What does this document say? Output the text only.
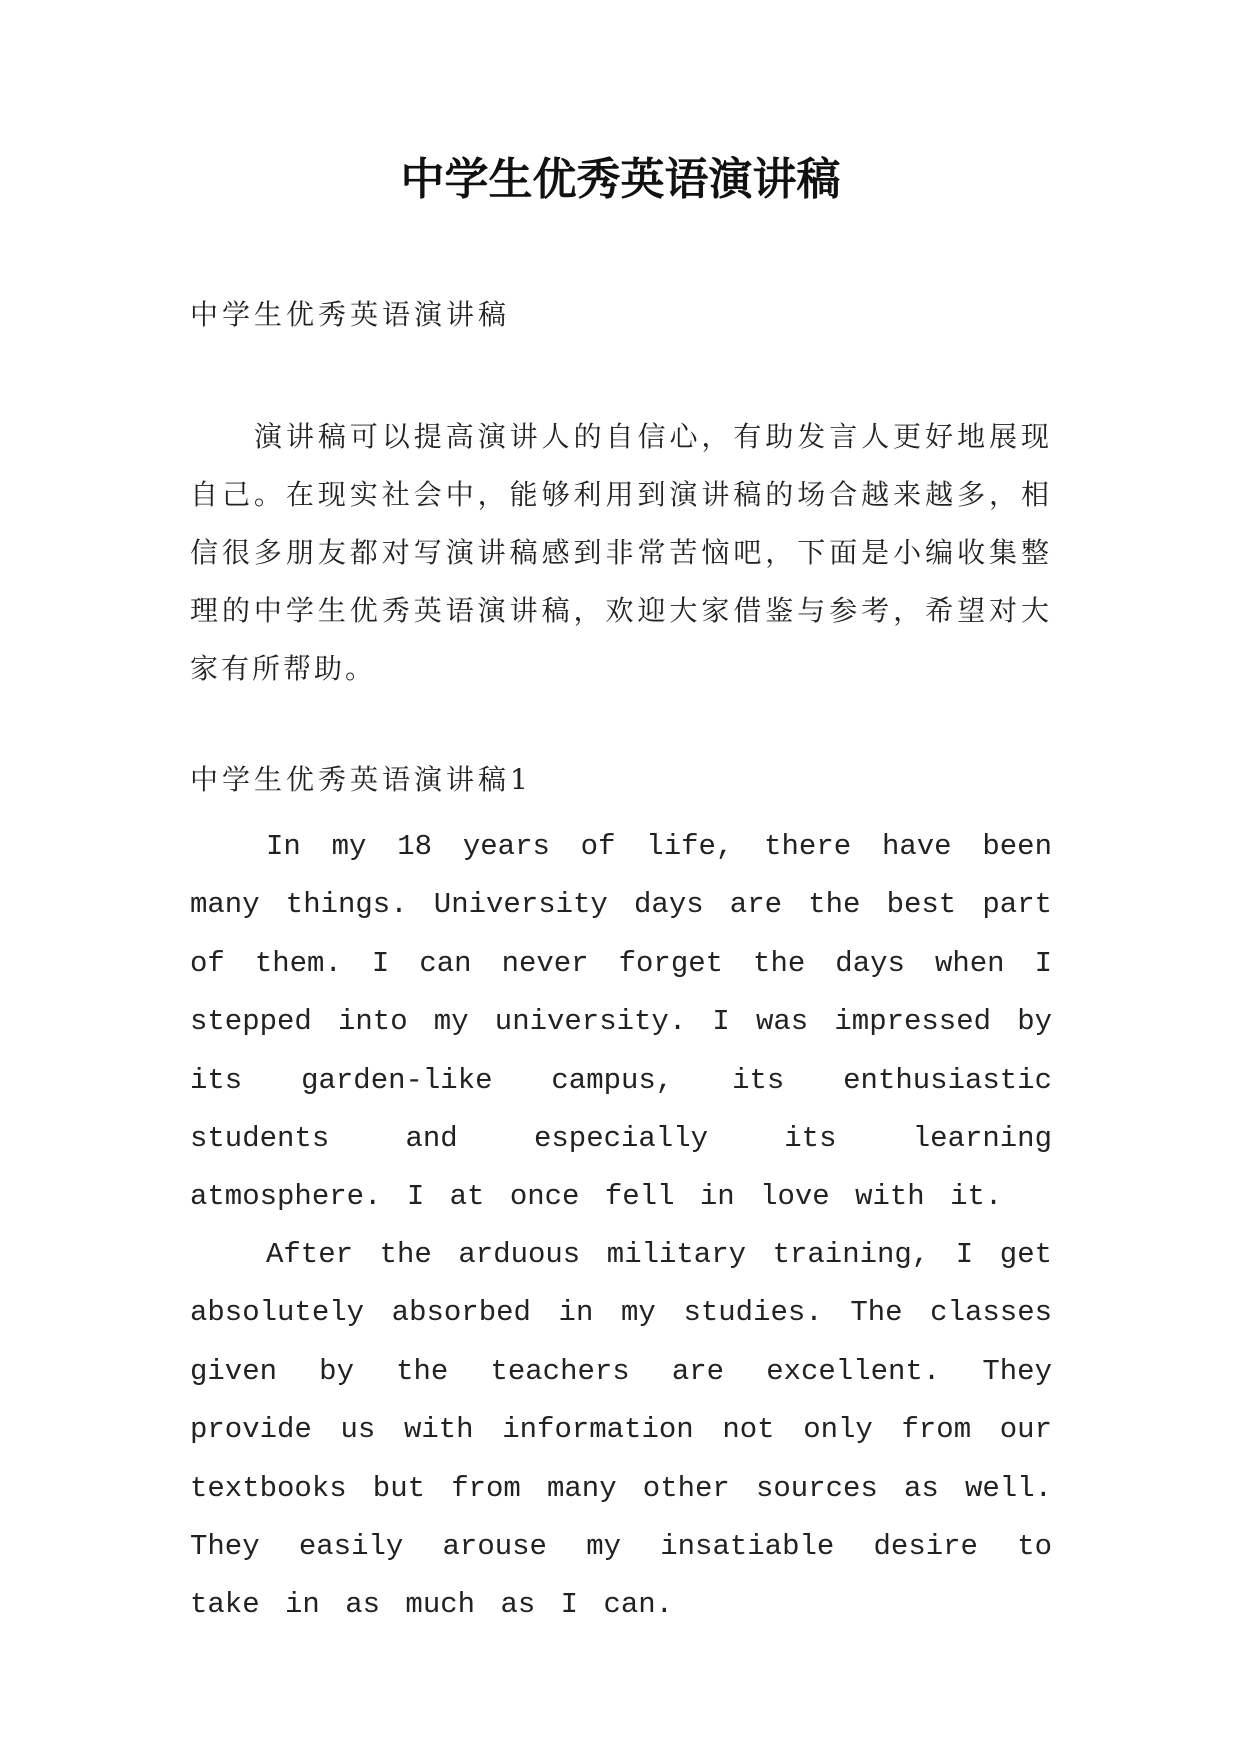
中学生优秀英语演讲稿
中学生优秀英语演讲稿
演讲稿可以提高演讲人的自信心，有助发言人更好地展现自己。在现实社会中，能够利用到演讲稿的场合越来越多，相信很多朋友都对写演讲稿感到非常苦恼吧，下面是小编收集整理的中学生优秀英语演讲稿，欢迎大家借鉴与参考，希望对大家有所帮助。
中学生优秀英语演讲稿1
In my 18 years of life, there have been many things. University days are the best part of them. I can never forget the days when I stepped into my university. I was impressed by its garden-like campus, its enthusiastic students and especially its learning atmosphere. I at once fell in love with it.
After the arduous military training, I get absolutely absorbed in my studies. The classes given by the teachers are excellent. They provide us with information not only from our textbooks but from many other sources as well. They easily arouse my insatiable desire to take in as much as I can.
